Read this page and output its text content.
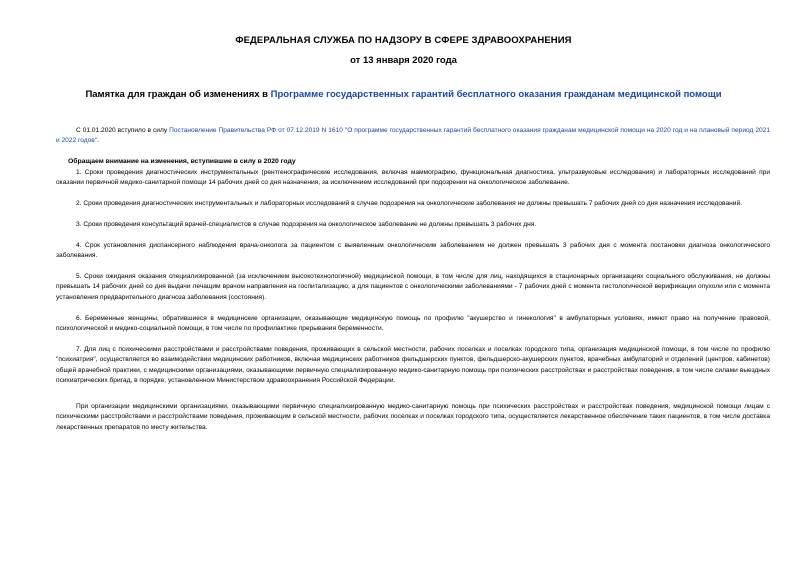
ФЕДЕРАЛЬНАЯ СЛУЖБА ПО НАДЗОРУ В СФЕРЕ ЗДРАВООХРАНЕНИЯ
от 13 января 2020 года
Памятка для граждан об изменениях в Программе государственных гарантий бесплатного оказания гражданам медицинской помощи

С 01.01.2020 вступило в силу Постановление Правительства РФ от 07.12.2019 N 1610 "О программе государственных гарантий бесплатного оказания гражданам медицинской помощи на 2020 год и на плановый период 2021 и 2022 годов".

Обращаем внимание на изменения, вступившие в силу в 2020 году

1. Сроки проведения диагностических инструментальных (рентгенографические исследования, включая маммографию, функциональная диагностика, ультразвуковые исследования) и лабораторных исследований при оказании первичной медико-санитарной помощи 14 рабочих дней со дня назначения, за исключением исследований при подозрении на онкологическое заболевание.

2. Сроки проведения диагностических инструментальных и лабораторных исследований в случае подозрения на онкологические заболевания не должны превышать 7 рабочих дней со дня назначения исследований.

3. Сроки проведения консультаций врачей-специалистов в случае подозрения на онкологическое заболевание не должны превышать 3 рабочих дня.

4. Срок установления диспансерного наблюдения врача-онколога за пациентом с выявленным онкологическим заболеванием не должен превышать 3 рабочих дня с момента постановки диагноза онкологического заболевания.

5. Сроки ожидания оказания специализированной (за исключением высокотехнологичной) медицинской помощи, в том числе для лиц, находящихся в стационарных организациях социального обслуживания, не должны превышать 14 рабочих дней со дня выдачи лечащим врачом направления на госпитализацию, а для пациентов с онкологическими заболеваниями - 7 рабочих дней с момента гистологической верификации опухоли или с момента установления предварительного диагноза заболевания (состояния).

6. Беременные женщины, обратившиеся в медицинские организации, оказывающие медицинскую помощь по профилю "акушерство и гинекология" в амбулаторных условиях, имеют право на получение правовой, психологической и медико-социальной помощи, в том числе по профилактике прерывания беременности.

7. Для лиц с психическими расстройствами и расстройствами поведения, проживающих в сельской местности, рабочих поселках и поселках городского типа, организация медицинской помощи, в том числе по профилю "психиатрия", осуществляется во взаимодействии медицинских работников, включая медицинских работников фельдшерских пунктов, фельдшерско-акушерских пунктов, врачебных амбулаторий и отделений (центров, кабинетов) общей врачебной практики, с медицинскими организациями, оказывающими первичную специализированную медико-санитарную помощь при психических расстройствах и расстройствах поведения, в том числе силами выездных психиатрических бригад, в порядке, установленном Министерством здравоохранения Российской Федерации.

При организации медицинскими организациями, оказывающими первичную специализированную медико-санитарную помощь при психических расстройствах и расстройствах поведения, медицинской помощи лицам с психическими расстройствами и расстройствами поведения, проживающим в сельской местности, рабочих поселках и поселках городского типа, осуществляется лекарственное обеспечение таких пациентов, в том числе доставка лекарственных препаратов по месту жительства.
